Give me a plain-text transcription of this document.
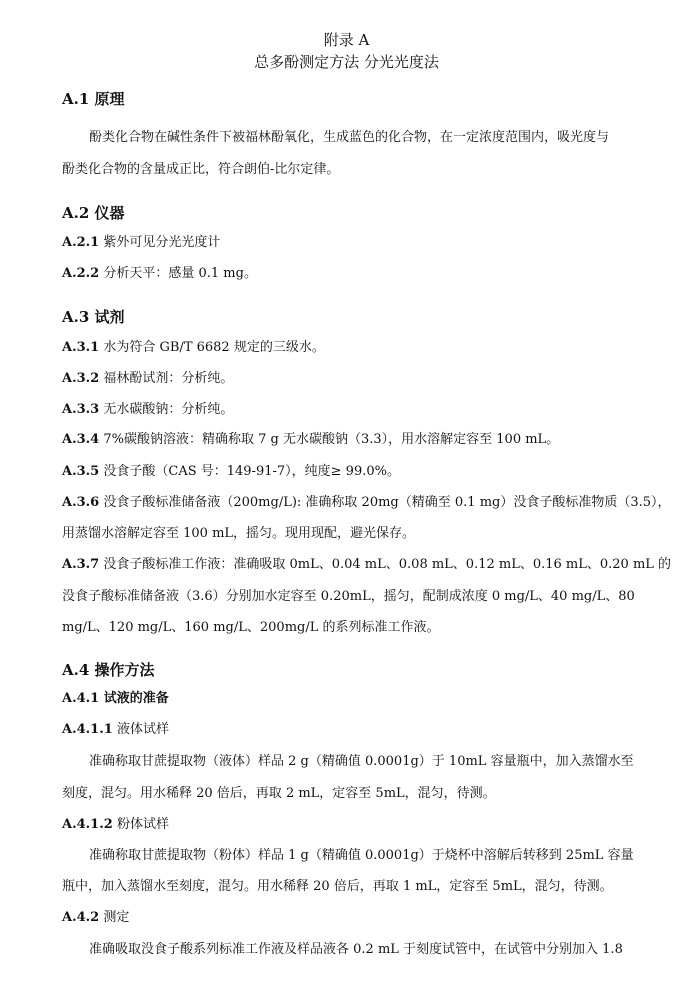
附录 A
总多酚测定方法 分光光度法
A.1 原理
酚类化合物在碱性条件下被福林酚氧化，生成蓝色的化合物，在一定浓度范围内，吸光度与
酚类化合物的含量成正比，符合朗伯-比尔定律。
A.2 仪器
A.2.1 紫外可见分光光度计
A.2.2 分析天平：感量 0.1 mg。
A.3 试剂
A.3.1 水为符合 GB/T 6682 规定的三级水。
A.3.2 福林酚试剂：分析纯。
A.3.3 无水碳酸钠：分析纯。
A.3.4 7%碳酸钠溶液：精确称取 7 g 无水碳酸钠（3.3），用水溶解定容至 100 mL。
A.3.5 没食子酸（CAS 号：149-91-7），纯度≥ 99.0%。
A.3.6 没食子酸标准储备液（200mg/L): 准确称取 20mg（精确至 0.1 mg）没食子酸标准物质（3.5），
用蒸馏水溶解定容至 100 mL，摇匀。现用现配，避光保存。
A.3.7 没食子酸标准工作液：准确吸取 0mL、0.04 mL、0.08 mL、0.12 mL、0.16 mL、0.20 mL 的
没食子酸标准储备液（3.6）分别加水定容至 0.20mL，摇匀，配制成浓度 0 mg/L、40 mg/L、80
mg/L、120 mg/L、160 mg/L、200mg/L 的系列标准工作液。
A.4 操作方法
A.4.1 试液的准备
A.4.1.1 液体试样
准确称取甘蔗提取物（液体）样品 2 g（精确值 0.0001g）于 10mL 容量瓶中，加入蒸馏水至
刻度，混匀。用水稀释 20 倍后，再取 2 mL，定容至 5mL，混匀，待测。
A.4.1.2 粉体试样
准确称取甘蔗提取物（粉体）样品 1 g（精确值 0.0001g）于烧杯中溶解后转移到 25mL 容量
瓶中，加入蒸馏水至刻度，混匀。用水稀释 20 倍后，再取 1 mL，定容至 5mL，混匀，待测。
A.4.2 测定
准确吸取没食子酸系列标准工作液及样品液各 0.2 mL 于刻度试管中，在试管中分别加入 1.8
